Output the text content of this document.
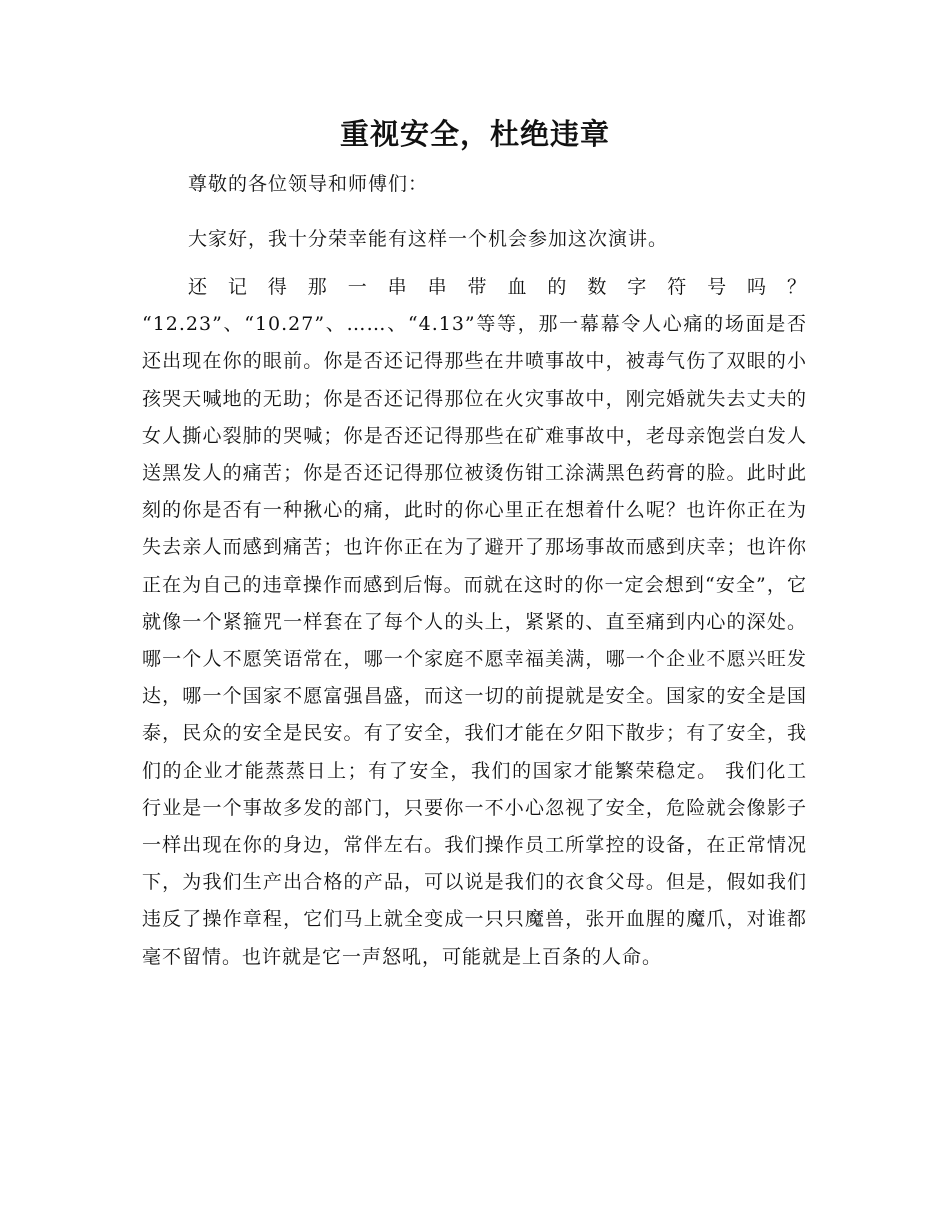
重视安全，杜绝违章

尊敬的各位领导和师傅们：

大家好，我十分荣幸能有这样一个机会参加这次演讲。

还记得那一串串带血的数字符号吗？ “12.23”、“10.27”、……、“4.13”等等，那一幕幕令人心痛的场面是否还出现在你的眼前。你是否还记得那些在井喷事故中，被毒气伤了双眼的小孩哭天喊地的无助；你是否还记得那位在火灾事故中，刚完婚就失去丈夫的女人撕心裂肺的哭喊；你是否还记得那些在矿难事故中，老母亲饱尝白发人送黑发人的痛苦；你是否还记得那位被烫伤钳工涂满黑色药膏的脸。此时此刻的你是否有一种揪心的痛，此时的你心里正在想着什么呢？也许你正在为失去亲人而感到痛苦；也许你正在为了避开了那场事故而感到庆幸；也许你正在为自己的违章操作而感到后悔。而就在这时的你一定会想到“安全”，它就像一个紧箍咒一样套在了每个人的头上，紧紧的、直至痛到内心的深处。 哪一个人不愿笑语常在，哪一个家庭不愿幸福美满，哪一个企业不愿兴旺发达，哪一个国家不愿富强昌盛，而这一切的前提就是安全。国家的安全是国泰，民众的安全是民安。有了安全，我们才能在夕阳下散步；有了安全，我们的企业才能蒸蒸日上；有了安全，我们的国家才能繁荣稳定。 我们化工行业是一个事故多发的部门，只要你一不小心忽视了安全，危险就会像影子一样出现在你的身边，常伴左右。我们操作员工所掌控的设备，在正常情况下，为我们生产出合格的产品，可以说是我们的衣食父母。但是，假如我们违反了操作章程，它们马上就全变成一只只魔兽，张开血腥的魔爪，对谁都毫不留情。也许就是它一声怒吼，可能就是上百条的人命。
